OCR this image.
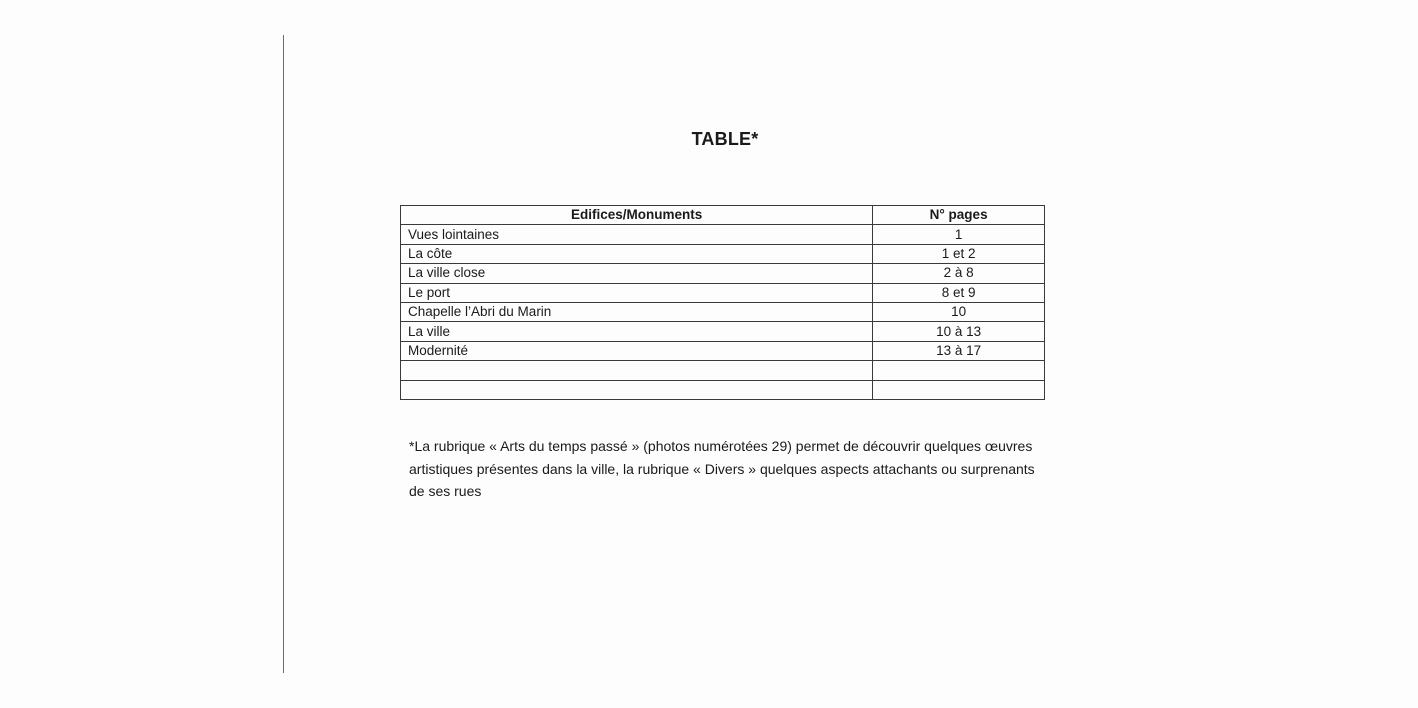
TABLE*
Edifices/Monuments	N° pages
Vues lointaines	1
La côte	1 et 2
La ville close	2 à 8
Le port	8 et 9
Chapelle l’Abri du Marin	10
La ville	10 à 13
Modernité	13 à 17

*La rubrique « Arts du temps passé » (photos numérotées 29) permet de découvrir quelques œuvres artistiques présentes dans la ville, la rubrique « Divers » quelques aspects attachants ou surprenants de ses rues
